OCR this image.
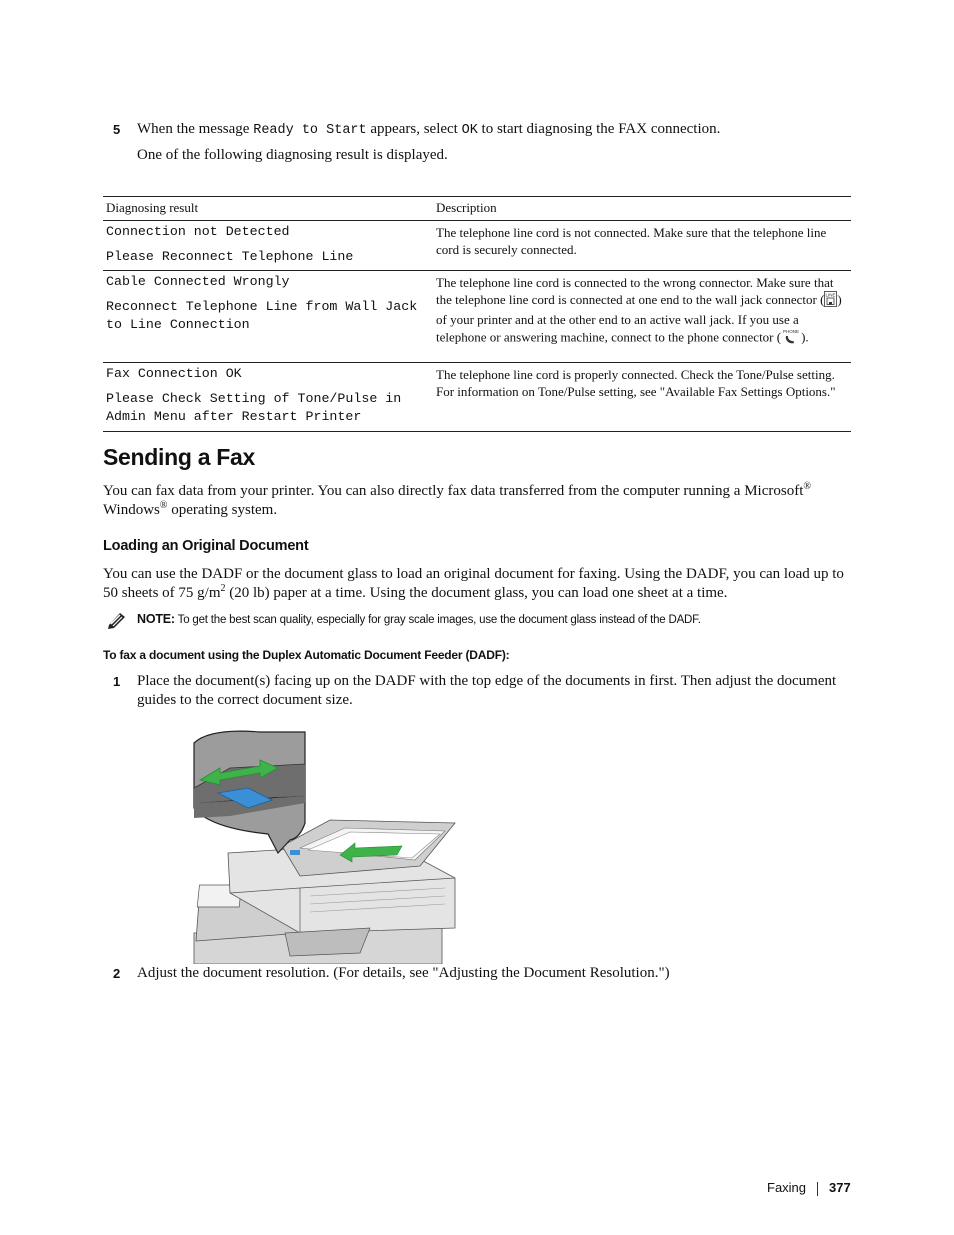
5 When the message Ready to Start appears, select OK to start diagnosing the FAX connection.
One of the following diagnosing result is displayed.
Diagnosing result	Description

Connection not Detected

Please Reconnect Telephone Line

The telephone line cord is not connected. Make sure that the telephone line cord is securely connected.

Cable Connected Wrongly

Reconnect Telephone Line from Wall Jack to Line Connection

The telephone line cord is connected to the wrong connector. Make sure that the telephone line cord is connected at one end to the wall jack connector ( LINE ) of your printer and at the other end to an active wall jack. If you use a telephone or answering machine, connect to the phone connector ( PHONE ).

Fax Connection OK

Please Check Setting of Tone/Pulse in Admin Menu after Restart Printer

The telephone line cord is properly connected. Check the Tone/Pulse setting. For information on Tone/Pulse setting, see "Available Fax Settings Options."
Sending a Fax
You can fax data from your printer. You can also directly fax data transferred from the computer running a Microsoft® Windows® operating system.
Loading an Original Document
You can use the DADF or the document glass to load an original document for faxing. Using the DADF, you can load up to 50 sheets of 75 $g/m^2$ (20 lb) paper at a time. Using the document glass, you can load one sheet at a time.
NOTE: To get the best scan quality, especially for gray scale images, use the document glass instead of the DADF.
To fax a document using the Duplex Automatic Document Feeder (DADF):
1 Place the document(s) facing up on the DADF with the top edge of the documents in first. Then adjust the document guides to the correct document size.
2 Adjust the document resolution. (For details, see "Adjusting the Document Resolution.")
Faxing 377
